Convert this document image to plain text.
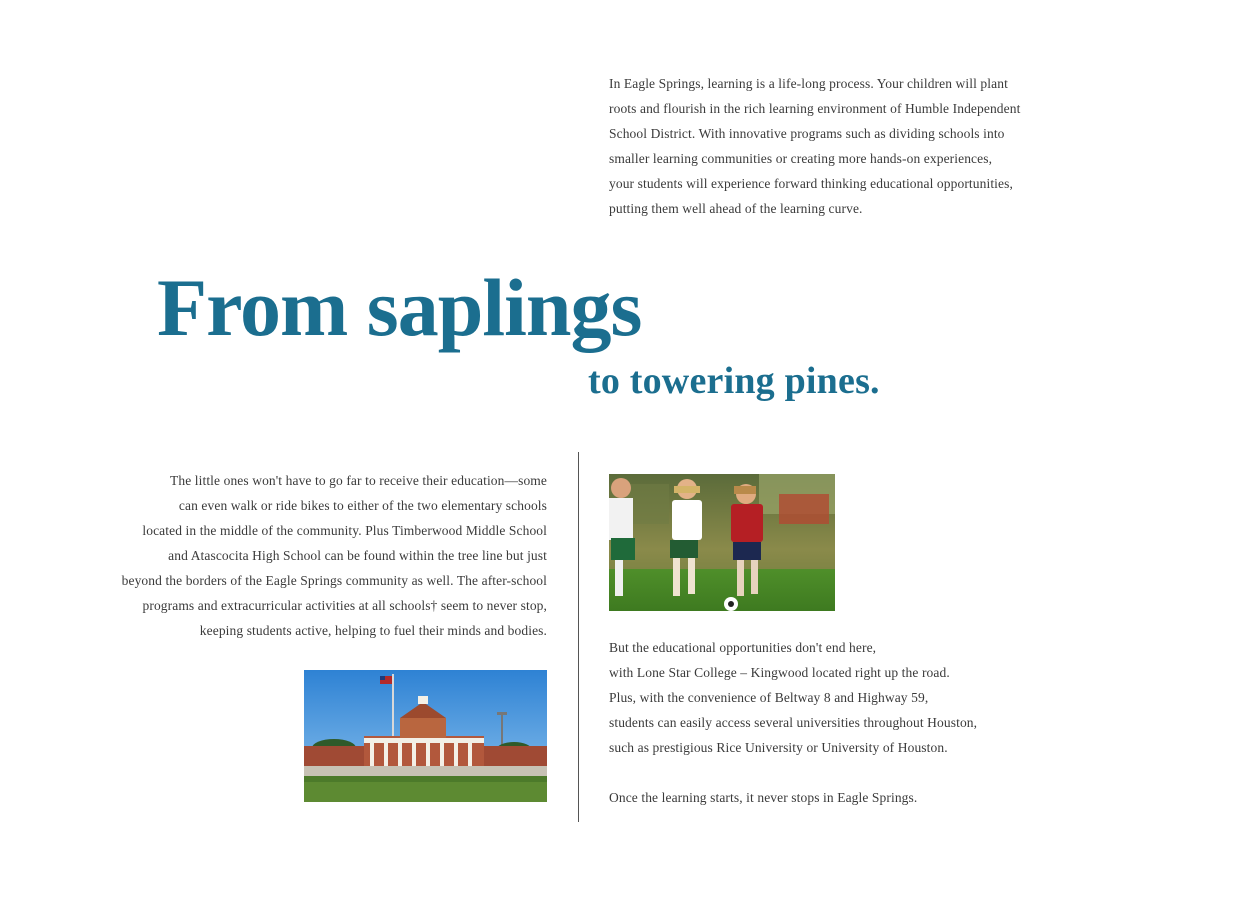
In Eagle Springs, learning is a life-long process. Your children will plant
roots and flourish in the rich learning environment of Humble Independent
School District. With innovative programs such as dividing schools into
smaller learning communities or creating more hands-on experiences,
your students will experience forward thinking educational opportunities,
putting them well ahead of the learning curve.
From saplings
to towering pines.
The little ones won't have to go far to receive their education—some
can even walk or ride bikes to either of the two elementary schools
located in the middle of the community. Plus Timberwood Middle School
and Atascocita High School can be found within the tree line but just
beyond the borders of the Eagle Springs community as well. The after-school
programs and extracurricular activities at all schools† seem to never stop,
keeping students active, helping to fuel their minds and bodies.
But the educational opportunities don't end here,
with Lone Star College – Kingwood located right up the road.
Plus, with the convenience of Beltway 8 and Highway 59,
students can easily access several universities throughout Houston,
such as prestigious Rice University or University of Houston.
Once the learning starts, it never stops in Eagle Springs.
